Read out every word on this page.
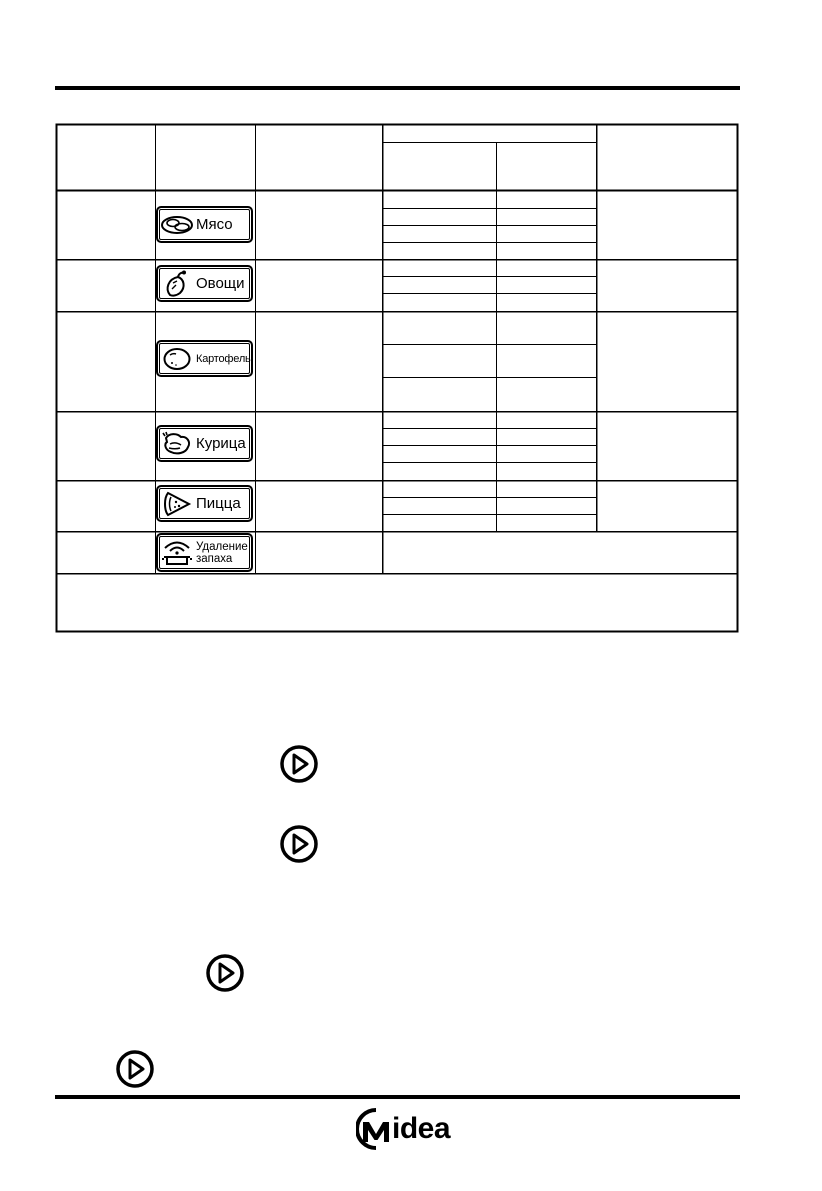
Мясо
Овощи
Картофель
Курица
Пицца
Удаление
запаха
idea
